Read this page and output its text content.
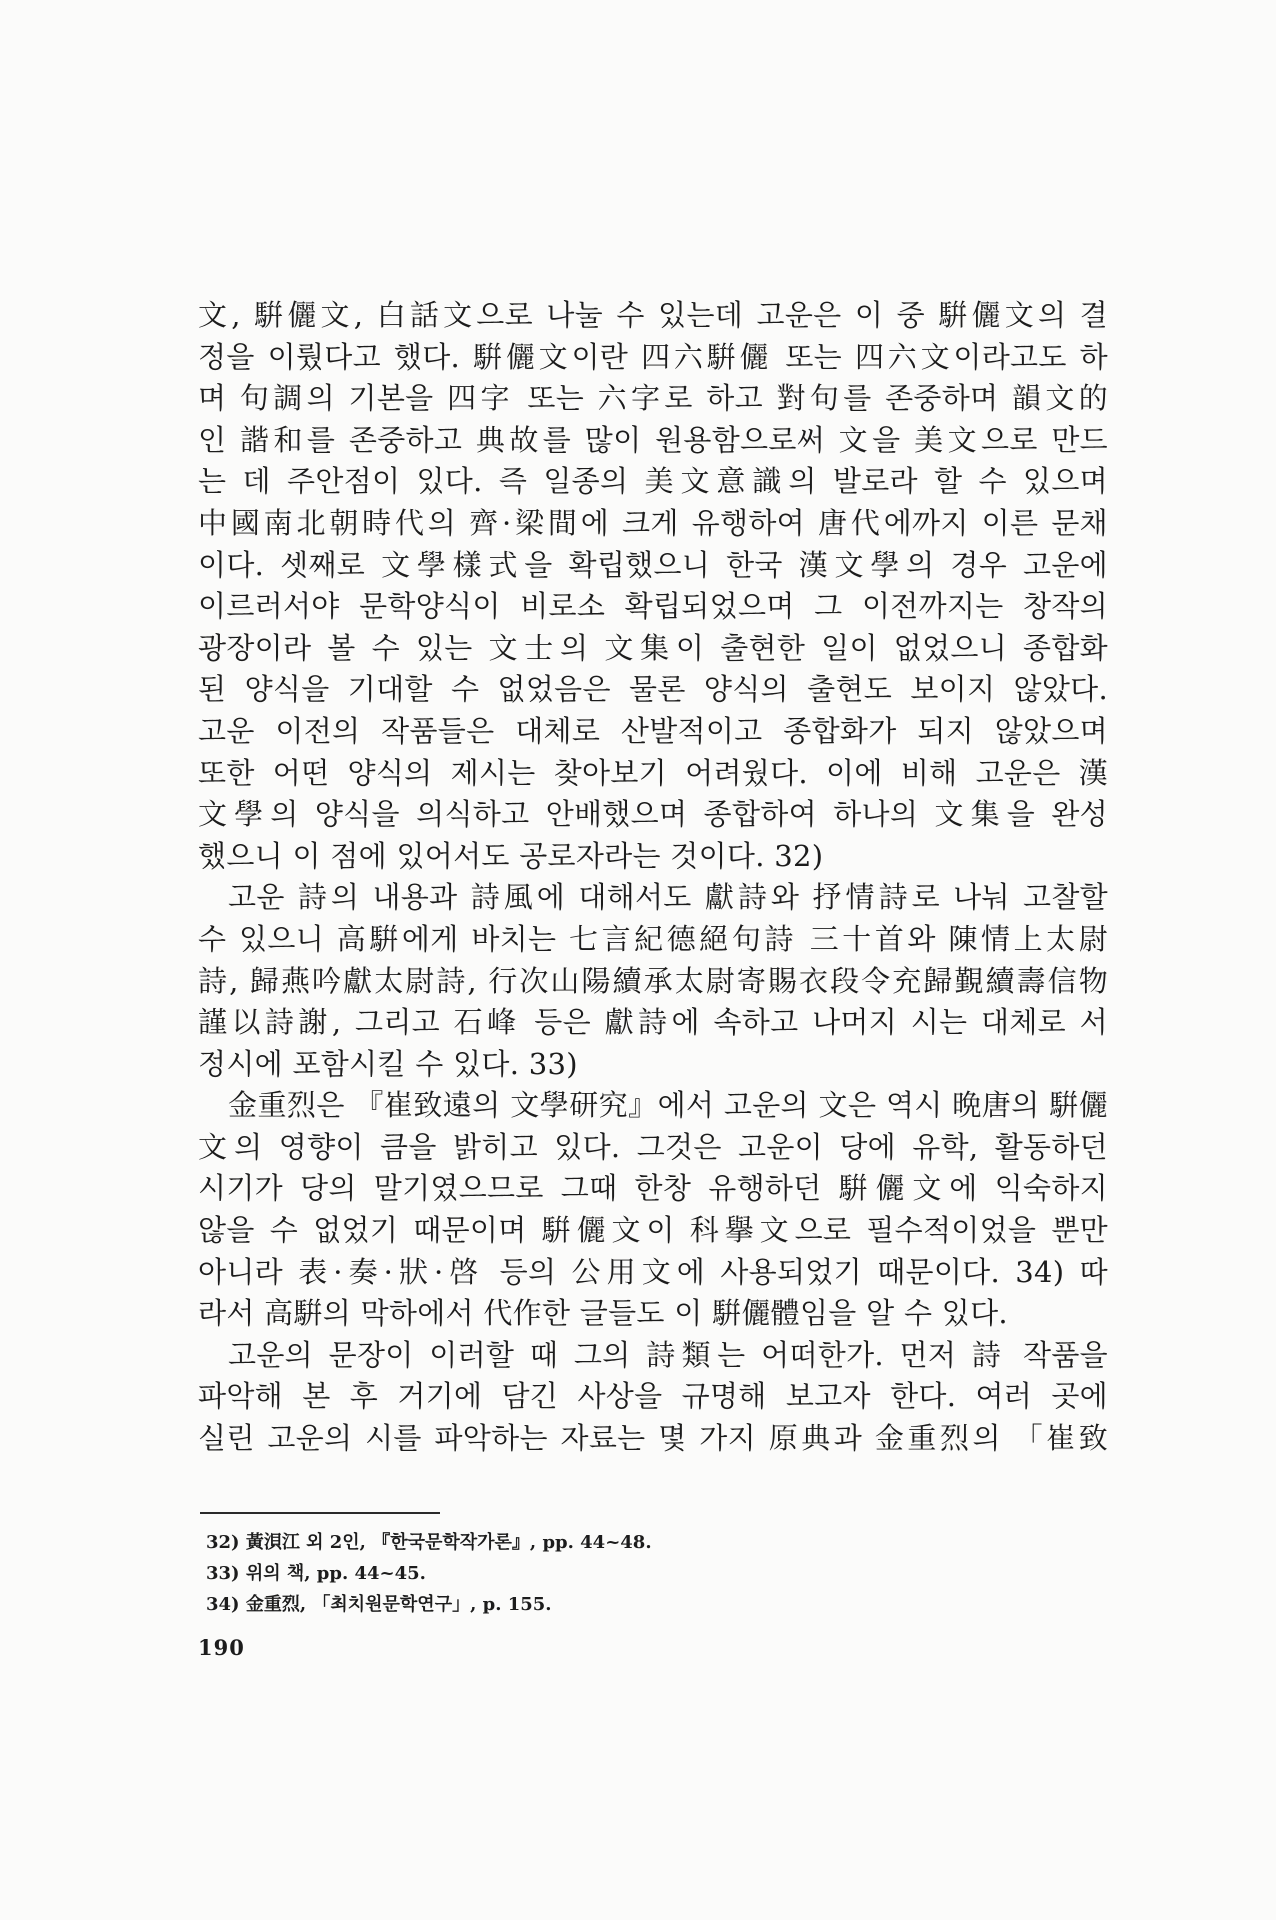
文, 騈儷文, 白話文으로 나눌 수 있는데 고운은 이 중 騈儷文의 결
정을 이뤘다고 했다. 騈儷文이란 四六騈儷 또는 四六文이라고도 하
며 句調의 기본을 四字 또는 六字로 하고 對句를 존중하며 韻文的
인 諧和를 존중하고 典故를 많이 원용함으로써 文을 美文으로 만드
는 데 주안점이 있다. 즉 일종의 美文意識의 발로라 할 수 있으며
中國南北朝時代의 齊·梁間에 크게 유행하여 唐代에까지 이른 문채
이다. 셋째로 文學樣式을 확립했으니 한국 漢文學의 경우 고운에
이르러서야 문학양식이 비로소 확립되었으며 그 이전까지는 창작의
광장이라 볼 수 있는 文士의 文集이 출현한 일이 없었으니 종합화
된 양식을 기대할 수 없었음은 물론 양식의 출현도 보이지 않았다.
고운 이전의 작품들은 대체로 산발적이고 종합화가 되지 않았으며
또한 어떤 양식의 제시는 찾아보기 어려웠다. 이에 비해 고운은 漢
文學의 양식을 의식하고 안배했으며 종합하여 하나의 文集을 완성
했으니 이 점에 있어서도 공로자라는 것이다. 32)
고운 詩의 내용과 詩風에 대해서도 獻詩와 抒情詩로 나눠 고찰할
수 있으니 高騈에게 바치는 七言紀德絕句詩 三十首와 陳情上太尉
詩, 歸燕吟獻太尉詩, 行次山陽續承太尉寄賜衣段令充歸覲續壽信物
謹以詩謝, 그리고 石峰 등은 獻詩에 속하고 나머지 시는 대체로 서
정시에 포함시킬 수 있다. 33)
金重烈은 『崔致遠의 文學研究』에서 고운의 文은 역시 晩唐의 騈儷
文의 영향이 큼을 밝히고 있다. 그것은 고운이 당에 유학, 활동하던
시기가 당의 말기였으므로 그때 한창 유행하던 騈儷文에 익숙하지
않을 수 없었기 때문이며 騈儷文이 科擧文으로 필수적이었을 뿐만
아니라 表·奏·狀·啓 등의 公用文에 사용되었기 때문이다. 34) 따
라서 高騈의 막하에서 代作한 글들도 이 騈儷體임을 알 수 있다.
고운의 문장이 이러할 때 그의 詩類는 어떠한가. 먼저 詩 작품을
파악해 본 후 거기에 담긴 사상을 규명해 보고자 한다. 여러 곳에
실린 고운의 시를 파악하는 자료는 몇 가지 原典과 金重烈의 「崔致
32) 黃浿江 외 2인, 『한국문학작가론』, pp. 44~48.
33) 위의 책, pp. 44~45.
34) 金重烈, 「최치원문학연구」, p. 155.
190
